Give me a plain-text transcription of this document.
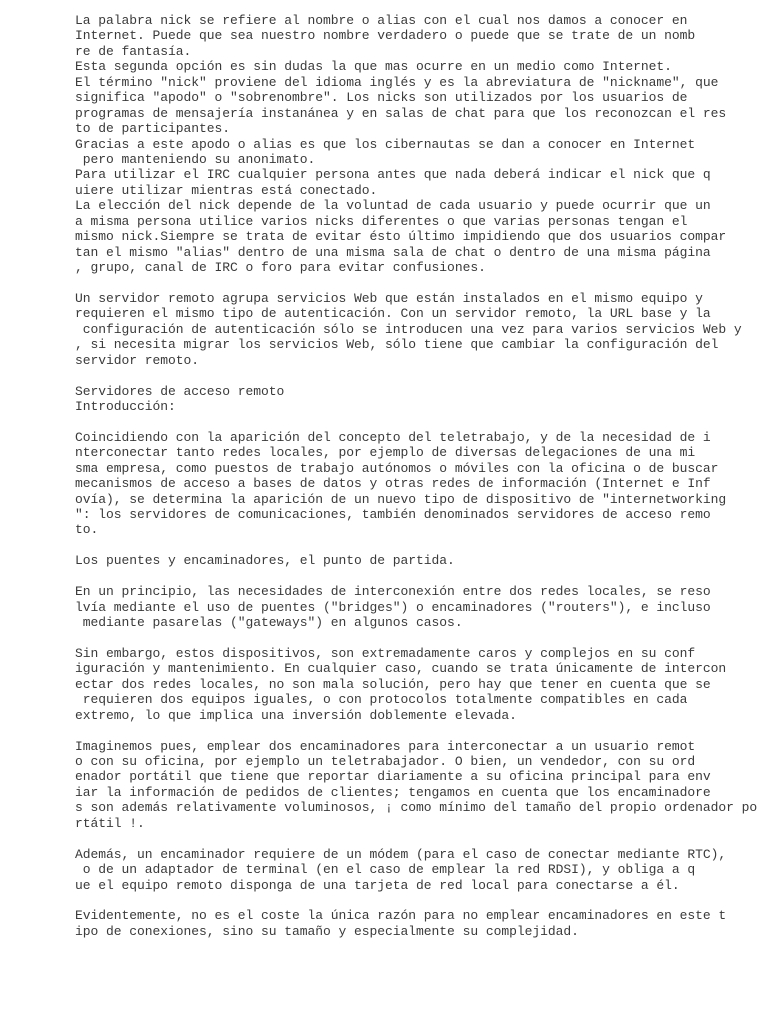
La palabra nick se refiere al nombre o alias con el cual nos damos a conocer en
Internet. Puede que sea nuestro nombre verdadero o puede que se trate de un nomb
re de fantasía.
Esta segunda opción es sin dudas la que mas ocurre en un medio como Internet.
El término "nick" proviene del idioma inglés y es la abreviatura de "nickname", que
significa "apodo" o "sobrenombre". Los nicks son utilizados por los usuarios de
programas de mensajería instanánea y en salas de chat para que los reconozcan el res
to de participantes.
Gracias a este apodo o alias es que los cibernautas se dan a conocer en Internet
pero manteniendo su anonimato.
Para utilizar el IRC cualquier persona antes que nada deberá indicar el nick que q
uiere utilizar mientras está conectado.
La elección del nick depende de la voluntad de cada usuario y puede ocurrir que un
a misma persona utilice varios nicks diferentes o que varias personas tengan el
mismo nick.Siempre se trata de evitar ésto último impidiendo que dos usuarios compar
tan el mismo "alias" dentro de una misma sala de chat o dentro de una misma página
, grupo, canal de IRC o foro para evitar confusiones.
Un servidor remoto agrupa servicios Web que están instalados en el mismo equipo y
requieren el mismo tipo de autenticación. Con un servidor remoto, la URL base y la
configuración de autenticación sólo se introducen una vez para varios servicios Web y
, si necesita migrar los servicios Web, sólo tiene que cambiar la configuración del
servidor remoto.
Servidores de acceso remoto
Introducción:
Coincidiendo con la aparición del concepto del teletrabajo, y de la necesidad de i
nterconectar tanto redes locales, por ejemplo de diversas delegaciones de una mi
sma empresa, como puestos de trabajo autónomos o móviles con la oficina o de buscar
mecanismos de acceso a bases de datos y otras redes de información (Internet e Inf
ovía), se determina la aparición de un nuevo tipo de dispositivo de "internetworking
": los servidores de comunicaciones, también denominados servidores de acceso remo
to.
Los puentes y encaminadores, el punto de partida.
En un principio, las necesidades de interconexión entre dos redes locales, se reso
lvía mediante el uso de puentes ("bridges") o encaminadores ("routers"), e incluso
mediante pasarelas ("gateways") en algunos casos.
Sin embargo, estos dispositivos, son extremadamente caros y complejos en su conf
iguración y mantenimiento. En cualquier caso, cuando se trata únicamente de intercon
ectar dos redes locales, no son mala solución, pero hay que tener en cuenta que se
requieren dos equipos iguales, o con protocolos totalmente compatibles en cada
extremo, lo que implica una inversión doblemente elevada.
Imaginemos pues, emplear dos encaminadores para interconectar a un usuario remot
o con su oficina, por ejemplo un teletrabajador. O bien, un vendedor, con su ord
enador portátil que tiene que reportar diariamente a su oficina principal para env
iar la información de pedidos de clientes; tengamos en cuenta que los encaminadore
s son además relativamente voluminosos, ¡ como mínimo del tamaño del propio ordenador po
rtátil !.
Además, un encaminador requiere de un módem (para el caso de conectar mediante RTC),
o de un adaptador de terminal (en el caso de emplear la red RDSI), y obliga a q
ue el equipo remoto disponga de una tarjeta de red local para conectarse a él.
Evidentemente, no es el coste la única razón para no emplear encaminadores en este t
ipo de conexiones, sino su tamaño y especialmente su complejidad.
